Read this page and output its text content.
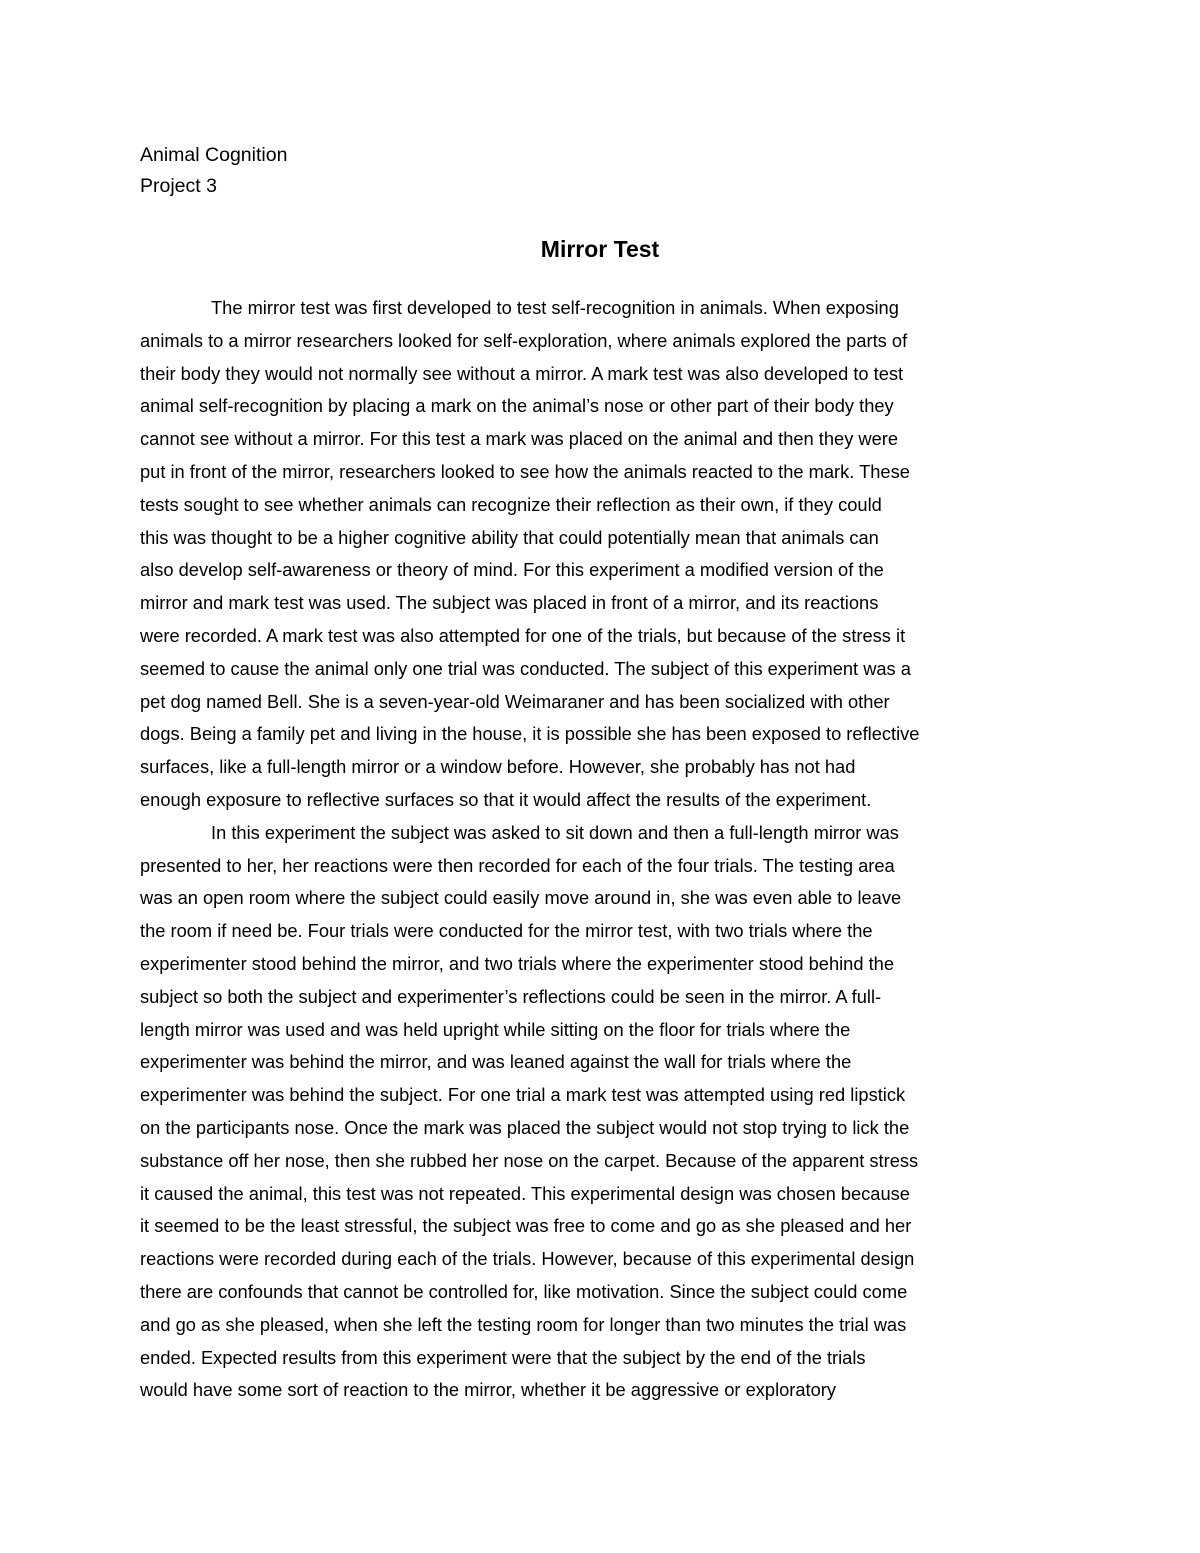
Animal Cognition
Project 3
Mirror Test
The mirror test was first developed to test self-recognition in animals. When exposing
animals to a mirror researchers looked for self-exploration, where animals explored the parts of
their body they would not normally see without a mirror. A mark test was also developed to test
animal self-recognition by placing a mark on the animal’s nose or other part of their body they
cannot see without a mirror. For this test a mark was placed on the animal and then they were
put in front of the mirror, researchers looked to see how the animals reacted to the mark. These
tests sought to see whether animals can recognize their reflection as their own, if they could
this was thought to be a higher cognitive ability that could potentially mean that animals can
also develop self-awareness or theory of mind. For this experiment a modified version of the
mirror and mark test was used. The subject was placed in front of a mirror, and its reactions
were recorded. A mark test was also attempted for one of the trials, but because of the stress it
seemed to cause the animal only one trial was conducted. The subject of this experiment was a
pet dog named Bell. She is a seven-year-old Weimaraner and has been socialized with other
dogs. Being a family pet and living in the house, it is possible she has been exposed to reflective
surfaces, like a full-length mirror or a window before. However, she probably has not had
enough exposure to reflective surfaces so that it would affect the results of the experiment.
In this experiment the subject was asked to sit down and then a full-length mirror was
presented to her, her reactions were then recorded for each of the four trials. The testing area
was an open room where the subject could easily move around in, she was even able to leave
the room if need be. Four trials were conducted for the mirror test, with two trials where the
experimenter stood behind the mirror, and two trials where the experimenter stood behind the
subject so both the subject and experimenter’s reflections could be seen in the mirror. A full-
length mirror was used and was held upright while sitting on the floor for trials where the
experimenter was behind the mirror, and was leaned against the wall for trials where the
experimenter was behind the subject. For one trial a mark test was attempted using red lipstick
on the participants nose. Once the mark was placed the subject would not stop trying to lick the
substance off her nose, then she rubbed her nose on the carpet. Because of the apparent stress
it caused the animal, this test was not repeated. This experimental design was chosen because
it seemed to be the least stressful, the subject was free to come and go as she pleased and her
reactions were recorded during each of the trials. However, because of this experimental design
there are confounds that cannot be controlled for, like motivation. Since the subject could come
and go as she pleased, when she left the testing room for longer than two minutes the trial was
ended. Expected results from this experiment were that the subject by the end of the trials
would have some sort of reaction to the mirror, whether it be aggressive or exploratory
